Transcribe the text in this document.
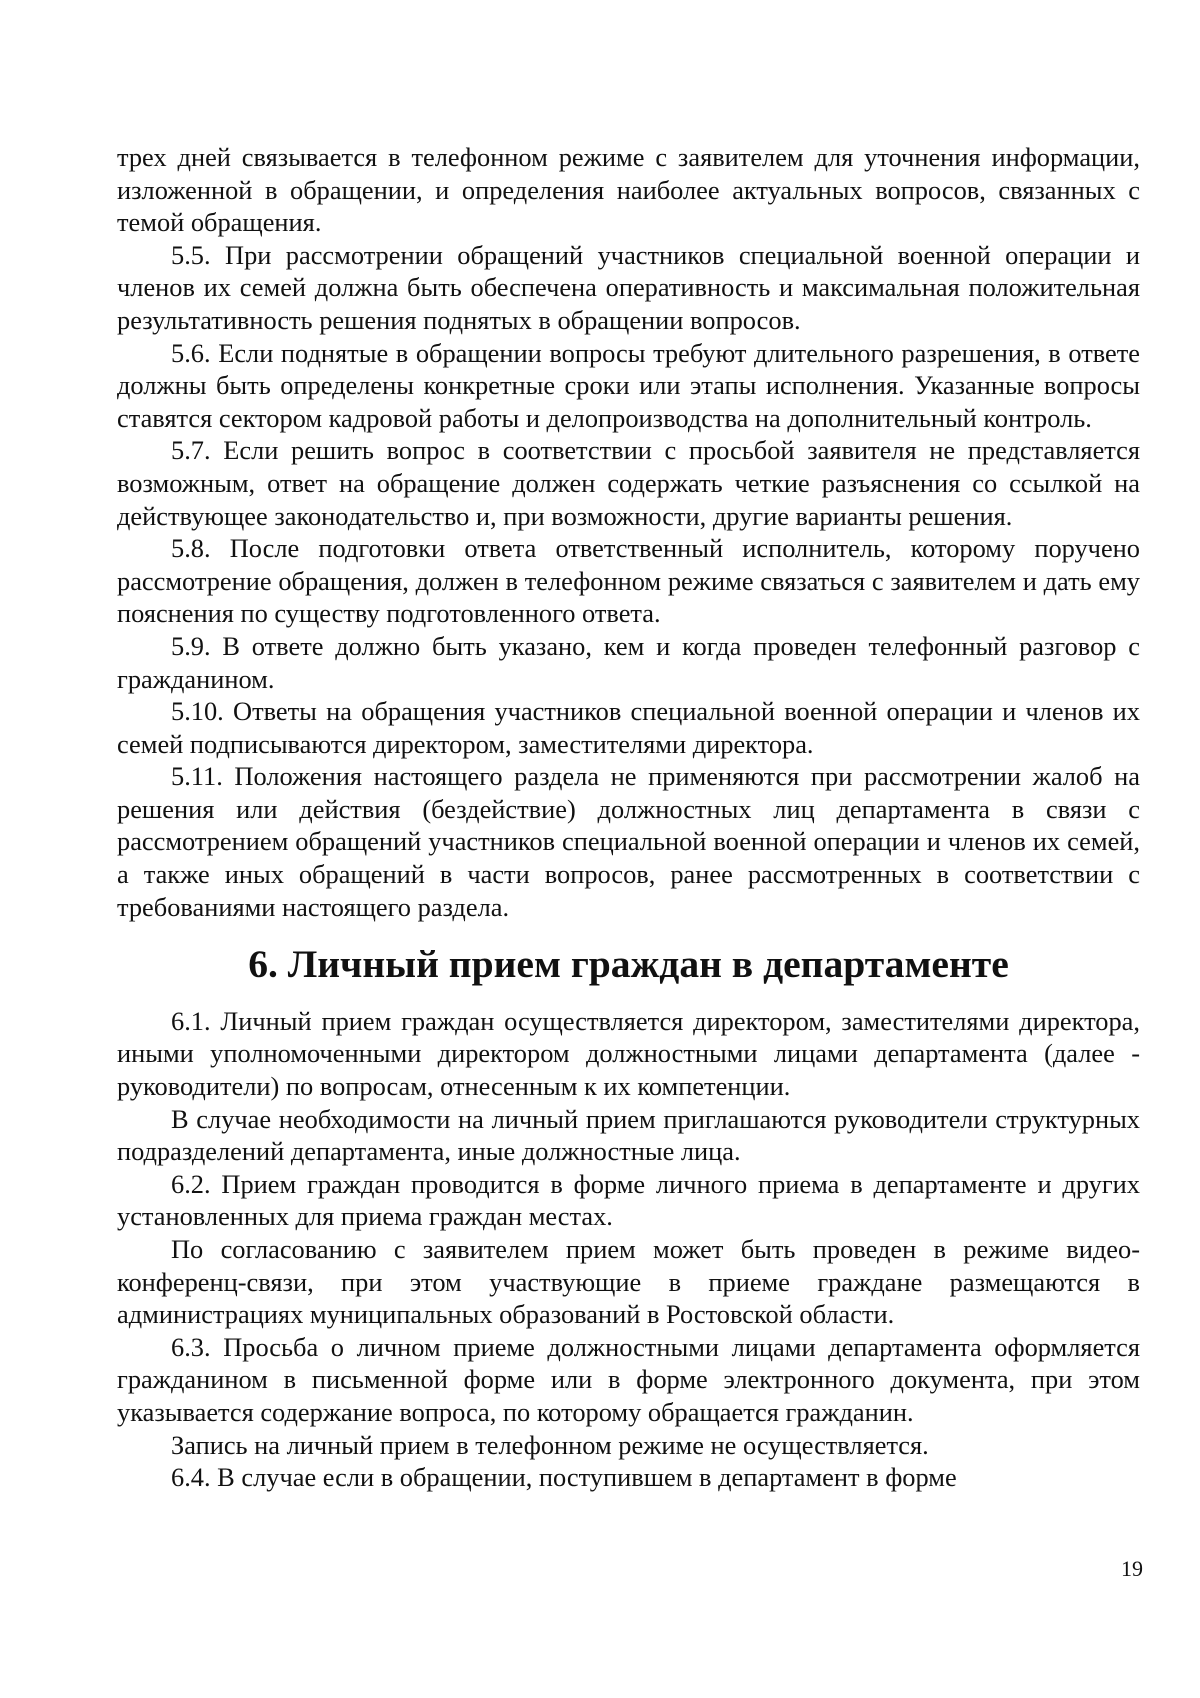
трех дней связывается в телефонном режиме с заявителем для уточнения информации, изложенной в обращении, и определения наиболее актуальных вопросов, связанных с темой обращения.

5.5. При рассмотрении обращений участников специальной военной операции и членов их семей должна быть обеспечена оперативность и максимальная положительная результативность решения поднятых в обращении вопросов.

5.6. Если поднятые в обращении вопросы требуют длительного разрешения, в ответе должны быть определены конкретные сроки или этапы исполнения. Указанные вопросы ставятся сектором кадровой работы и делопроизводства на дополнительный контроль.

5.7. Если решить вопрос в соответствии с просьбой заявителя не представляется возможным, ответ на обращение должен содержать четкие разъяснения со ссылкой на действующее законодательство и, при возможности, другие варианты решения.

5.8. После подготовки ответа ответственный исполнитель, которому поручено рассмотрение обращения, должен в телефонном режиме связаться с заявителем и дать ему пояснения по существу подготовленного ответа.

5.9. В ответе должно быть указано, кем и когда проведен телефонный разговор с гражданином.

5.10. Ответы на обращения участников специальной военной операции и членов их семей подписываются директором, заместителями директора.

5.11. Положения настоящего раздела не применяются при рассмотрении жалоб на решения или действия (бездействие) должностных лиц департамента в связи с рассмотрением обращений участников специальной военной операции и членов их семей, а также иных обращений в части вопросов, ранее рассмотренных в соответствии с требованиями настоящего раздела.

6. Личный прием граждан в департаменте

6.1. Личный прием граждан осуществляется директором, заместителями директора, иными уполномоченными директором должностными лицами департамента (далее - руководители) по вопросам, отнесенным к их компетенции.

В случае необходимости на личный прием приглашаются руководители структурных подразделений департамента, иные должностные лица.

6.2. Прием граждан проводится в форме личного приема в департаменте и других установленных для приема граждан местах.

По согласованию с заявителем прием может быть проведен в режиме видео-конференц-связи, при этом участвующие в приеме граждане размещаются в администрациях муниципальных образований в Ростовской области.

6.3. Просьба о личном приеме должностными лицами департамента оформляется гражданином в письменной форме или в форме электронного документа, при этом указывается содержание вопроса, по которому обращается гражданин.

Запись на личный прием в телефонном режиме не осуществляется.

6.4. В случае если в обращении, поступившем в департамент в форме

19
